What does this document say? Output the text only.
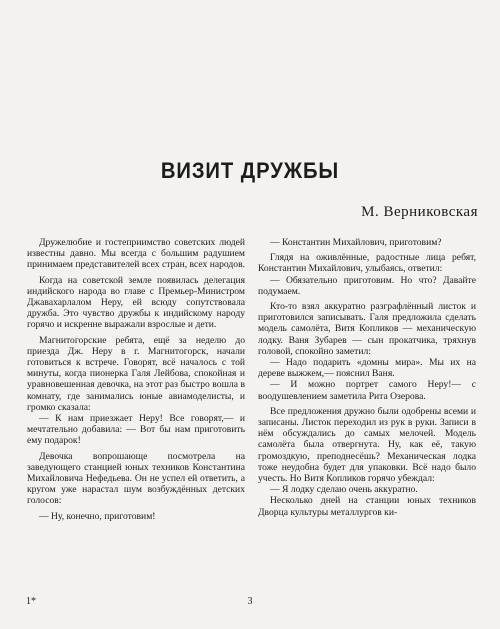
ВИЗИТ ДРУЖБЫ
М. Верниковская

Дружелюбие и гостеприимство советских людей известны давно. Мы всегда с большим радушием принимаем представителей всех стран, всех народов.

Когда на советской земле появилась делегация индийского народа во главе с Премьер-Министром Джавахарлалом Неру, ей всюду сопутствовала дружба. Это чувство дружбы к индийскому народу горячо и искренне выражали взрослые и дети.

Магнитогорские ребята, ещё за неделю до приезда Дж. Неру в г. Магнитогорск, начали готовиться к встрече. Говорят, всё началось с той минуты, когда пионерка Галя Лейбова, спокойная и уравновешенная девочка, на этот раз быстро вошла в комнату, где занимались юные авиамоделисты, и громко сказала:

— К нам приезжает Неру! Все говорят,— и мечтательно добавила: — Вот бы нам приготовить ему подарок!

Девочка вопрошающе посмотрела на заведующего станцией юных техников Константина Михайловича Нефедьева. Он не успел ей ответить, а кругом уже нарастал шум возбуждённых детских голосов:

— Ну, конечно, приготовим!

— Константин Михайлович, приготовим?

Глядя на оживлённые, радостные лица ребят, Константин Михайлович, улыбаясь, ответил:

— Обязательно приготовим. Но что? Давайте подумаем.

Кто-то взял аккуратно разграфлённый листок и приготовился записывать. Галя предложила сделать модель самолёта, Витя Копликов — механическую лодку. Ваня Зубарев — сын прокатчика, тряхнув головой, спокойно заметил:

— Надо подарить «домны мира». Мы их на дереве выжжем,— пояснил Ваня.

— И можно портрет самого Неру!— с воодушевлением заметила Рита Озерова.

Все предложения дружно были одобрены всеми и записаны. Листок переходил из рук в руки. Записи в нём обсуждались до самых мелочей. Модель самолёта была отвергнута. Ну, как её, такую громоздкую, преподнесёшь? Механическая лодка тоже неудобна будет для упаковки. Всё надо было учесть. Но Витя Копликов горячо убеждал:

— Я лодку сделаю очень аккуратно.

Несколько дней на станции юных техников Дворца культуры металлургов ки-

1*	3
